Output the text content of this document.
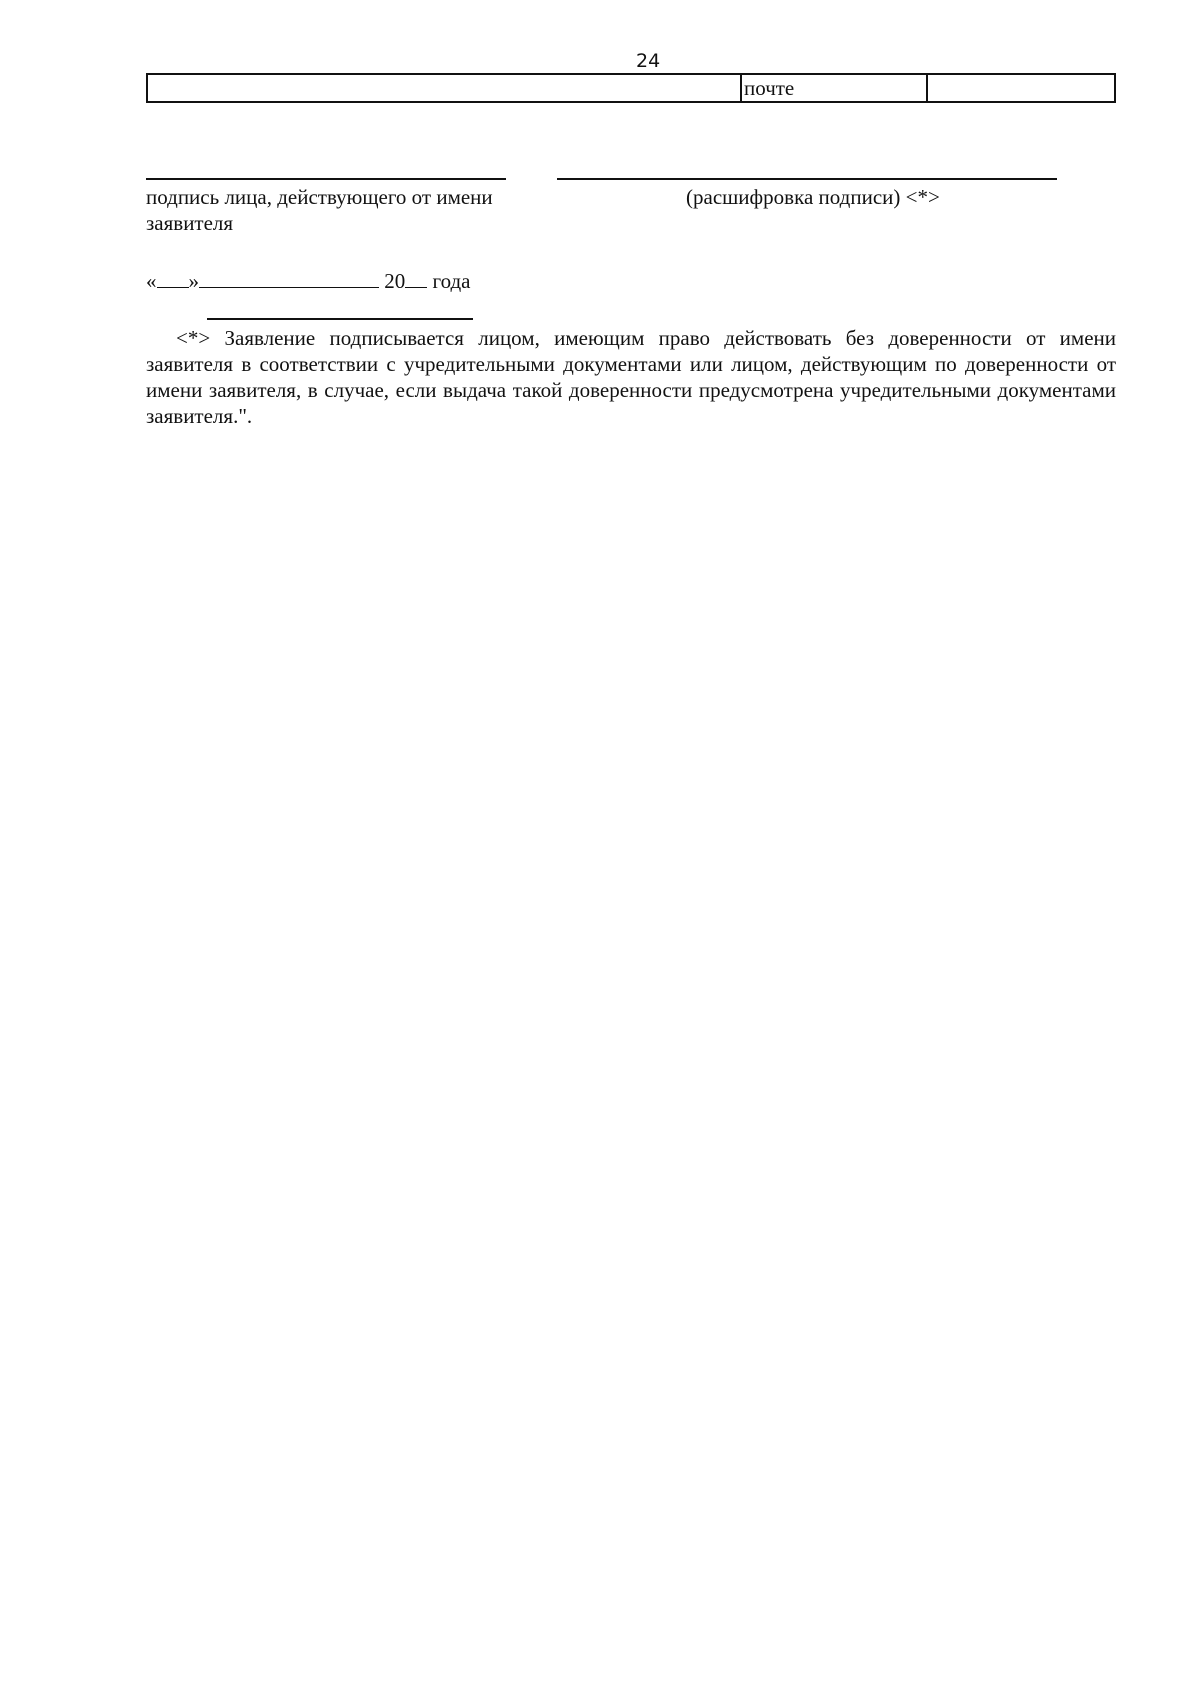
24
почте
подпись лица, действующего от имени заявителя
(расшифровка подписи) <*>
« »	20 года

<*> Заявление подписывается лицом, имеющим право действовать без доверенности от имени заявителя в соответствии с учредительными документами или лицом, действующим по доверенности от имени заявителя, в случае, если выдача такой доверенности предусмотрена учредительными документами заявителя.".
